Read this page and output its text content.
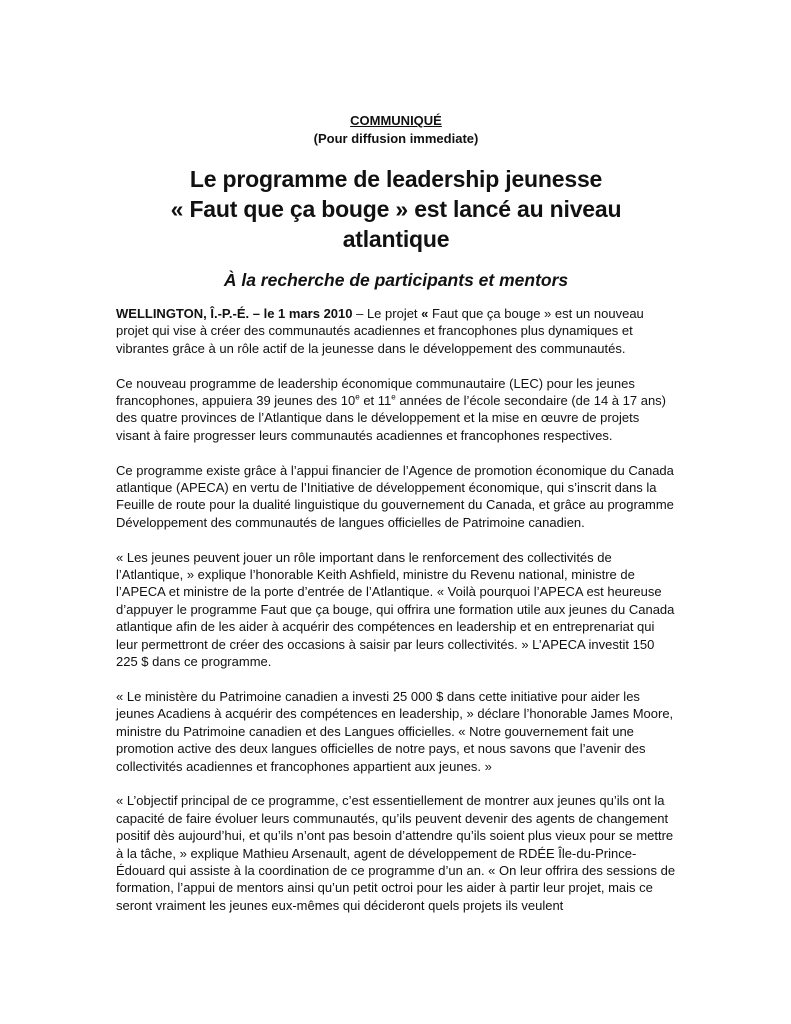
COMMUNIQUÉ
(Pour diffusion immediate)
Le programme de leadership jeunesse
« Faut que ça bouge » est lancé au niveau
atlantique
À la recherche de participants et mentors

WELLINGTON, Î.-P.-É. – le 1 mars 2010 – Le projet « Faut que ça bouge » est un nouveau projet qui vise à créer des communautés acadiennes et francophones plus dynamiques et vibrantes grâce à un rôle actif de la jeunesse dans le développement des communautés.

Ce nouveau programme de leadership économique communautaire (LEC) pour les jeunes francophones, appuiera 39 jeunes des 10e et 11e années de l’école secondaire (de 14 à 17 ans) des quatre provinces de l’Atlantique dans le développement et la mise en œuvre de projets visant à faire progresser leurs communautés acadiennes et francophones respectives.

Ce programme existe grâce à l’appui financier de l’Agence de promotion économique du Canada atlantique (APECA) en vertu de l’Initiative de développement économique, qui s’inscrit dans la Feuille de route pour la dualité linguistique du gouvernement du Canada, et grâce au programme Développement des communautés de langues officielles de Patrimoine canadien.

« Les jeunes peuvent jouer un rôle important dans le renforcement des collectivités de l’Atlantique, » explique l’honorable Keith Ashfield, ministre du Revenu national, ministre de l’APECA et ministre de la porte d’entrée de l’Atlantique. « Voilà pourquoi l’APECA est heureuse d’appuyer le programme Faut que ça bouge, qui offrira une formation utile aux jeunes du Canada atlantique afin de les aider à acquérir des compétences en leadership et en entreprenariat qui leur permettront de créer des occasions à saisir par leurs collectivités. » L’APECA investit 150 225 $ dans ce programme.

« Le ministère du Patrimoine canadien a investi 25 000 $ dans cette initiative pour aider les jeunes Acadiens à acquérir des compétences en leadership, » déclare l’honorable James Moore, ministre du Patrimoine canadien et des Langues officielles. « Notre gouvernement fait une promotion active des deux langues officielles de notre pays, et nous savons que l’avenir des collectivités acadiennes et francophones appartient aux jeunes. »

« L’objectif principal de ce programme, c’est essentiellement de montrer aux jeunes qu’ils ont la capacité de faire évoluer leurs communautés, qu’ils peuvent devenir des agents de changement positif dès aujourd’hui, et qu’ils n’ont pas besoin d’attendre qu’ils soient plus vieux pour se mettre à la tâche, » explique Mathieu Arsenault, agent de développement de RDÉE Île-du-Prince-Édouard qui assiste à la coordination de ce programme d’un an. « On leur offrira des sessions de formation, l’appui de mentors ainsi qu’un petit octroi pour les aider à partir leur projet, mais ce seront vraiment les jeunes eux-mêmes qui décideront quels projets ils veulent
